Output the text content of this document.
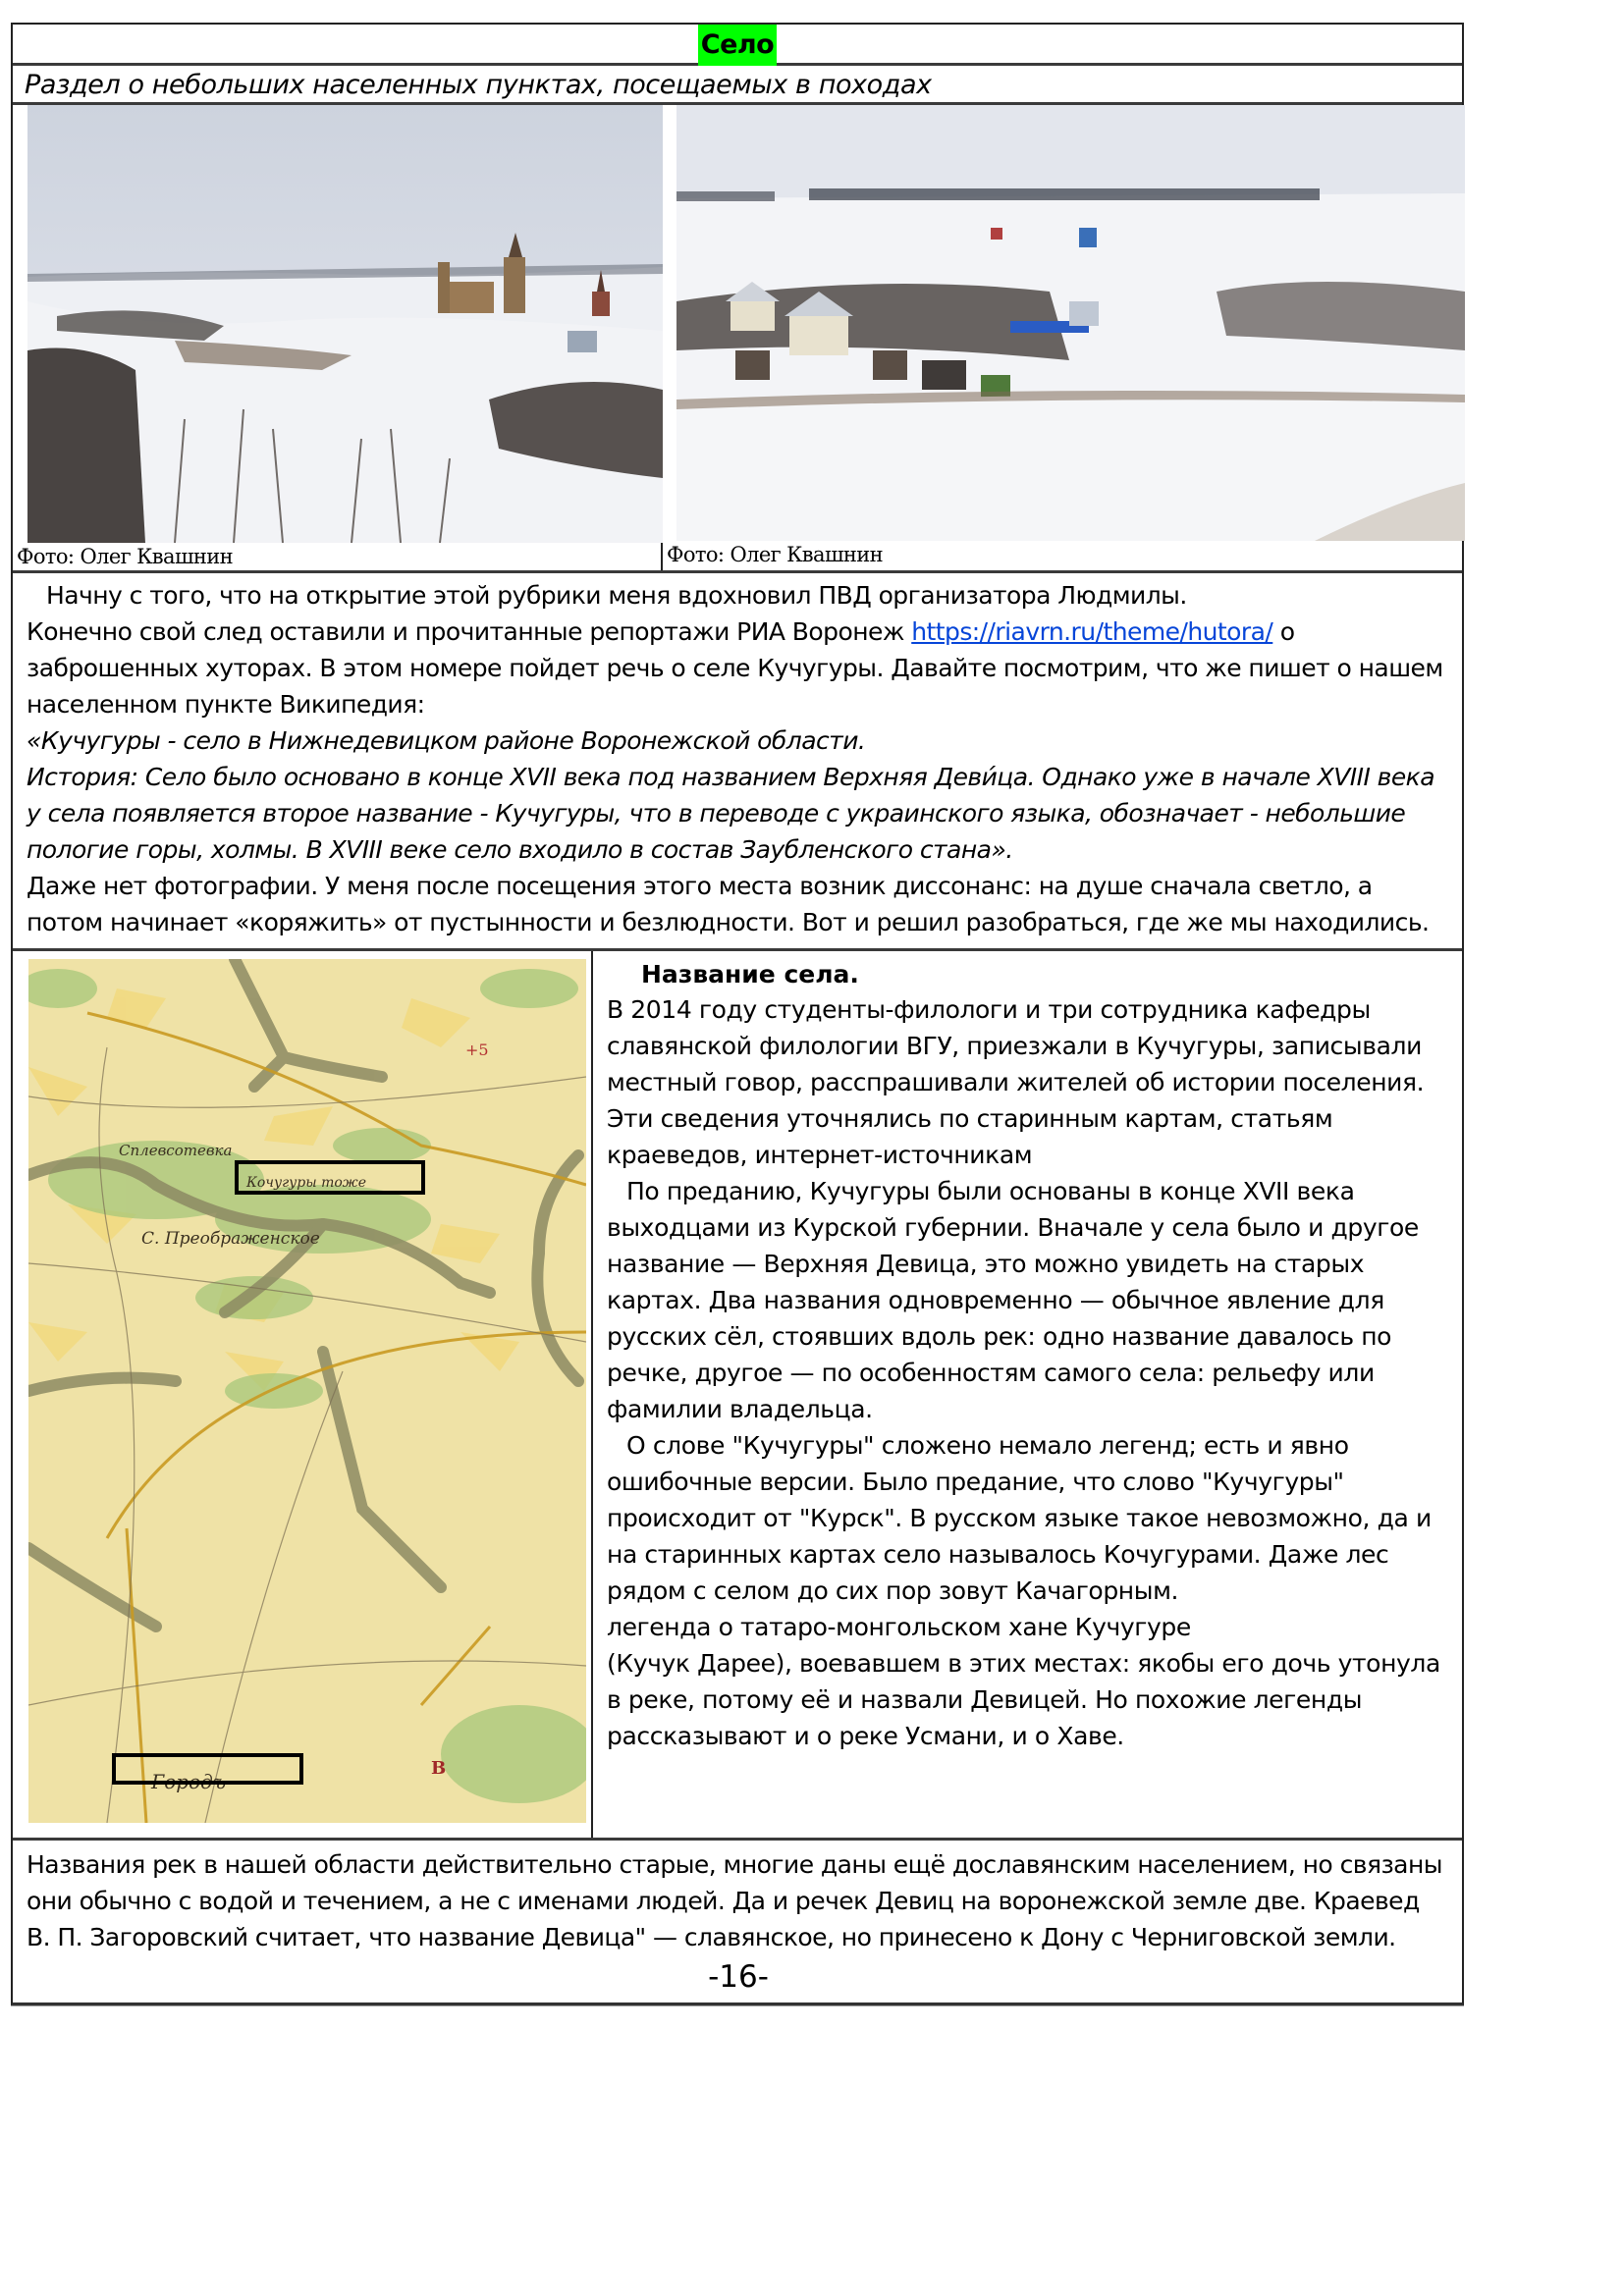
Село
Раздел о небольших населенных пунктах, посещаемых в походах
Фото: Олег Квашнин	Фото: Олег Квашнин
Начну с того, что на открытие этой рубрики меня вдохновил ПВД организатора Людмилы.
Конечно свой след оставили и прочитанные репортажи РИА Воронеж https://riavrn.ru/theme/hutora/ о заброшенных хуторах. В этом номере пойдет речь о селе Кучугуры. Давайте посмотрим, что же пишет о нашем населенном пункте Википедия:
«Кучугуры - село в Нижнедевицком районе Воронежской области.
История: Село было основано в конце XVII века под названием Верхняя Деви́ца. Однако уже в начале XVIII века у села появляется второе название - Кучугуры, что в переводе с украинского языка, обозначает - небольшие пологие горы, холмы. В XVIII веке село входило в состав Зaубленского стана».
Даже нет фотографии. У меня после посещения этого места возник диссонанс: на душе сначала светло, а потом начинает «коряжить» от пустынности и безлюдности. Вот и решил разобраться, где же мы находились.
Сплевсотевка
С. Преображенское
Кочугуры тоже
Городъ
+5
В
Название села.
В 2014 году студенты-филологи и три сотрудника кафедры славянской филологии ВГУ, приезжали в Кучугуры, записывали местный говор, расспрашивали жителей об истории поселения. Эти сведения уточнялись по старинным картам, статьям краеведов, интернет-источникам
По преданию, Кучугуры были основаны в конце XVII века выходцами из Курской губернии. Вначале у села было и другое название — Верхняя Девица, это можно увидеть на старых картах. Два названия одновременно — обычное явление для русских сёл, стоявших вдоль рек: одно название давалось по речке, другое — по особенностям самого села: рельефу или фамилии владельца.
О слове "Кучугуры" сложено немало легенд; есть и явно ошибочные версии. Было предание, что слово "Кучугуры" происходит от "Курск". В русском языке такое невозможно, да и на старинных картах село называлось Кочугурами. Даже лес рядом с селом до сих пор зовут Качагорным.
легенда о татаро-монгольском хане Кучугуре
(Кучук Дарее), воевавшем в этих местах: якобы его дочь утонула в реке, потому её и назвали Девицей. Но похожие легенды рассказывают и о реке Усмани, и о Хаве.
Названия рек в нашей области действительно старые, многие даны ещё дославянским населением, но связаны они обычно с водой и течением, а не с именами людей. Да и речек Девиц на воронежской земле две. Краевед В. П. Загоровский считает, что название Девица" — славянское, но принесено к Дону с Черниговской земли.
-16-
